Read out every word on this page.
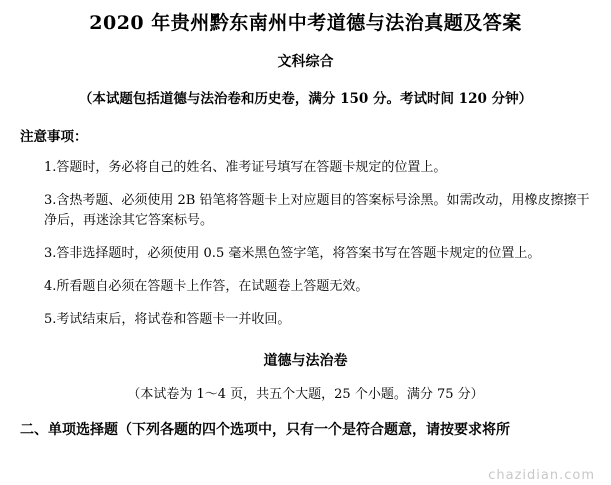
2020 年贵州黔东南州中考道德与法治真题及答案
文科综合
（本试题包括道德与法治卷和历史卷，满分 150 分。考试时间 120 分钟）
注意事项：
1.答题时，务必将自己的姓名、准考证号填写在答题卡规定的位置上。
3.含热考题、必须使用 2B 铅笔将答题卡上对应题目的答案标号涂黑。如需改动，用橡皮擦擦干净后，再迷涂其它答案标号。
3.答非选择题时，必须使用 0.5 毫米黑色签字笔，将答案书写在答题卡规定的位置上。
4.所看题自必须在答题卡上作答，在试题卷上答题无效。
5.考试结束后，将试卷和答题卡一并收回。
道德与法治卷
（本试卷为 1～4 页，共五个大题，25 个小题。满分 75 分）
二、单项选择题（下列各题的四个选项中，只有一个是符合题意，请按要求将所
chazidian.com
